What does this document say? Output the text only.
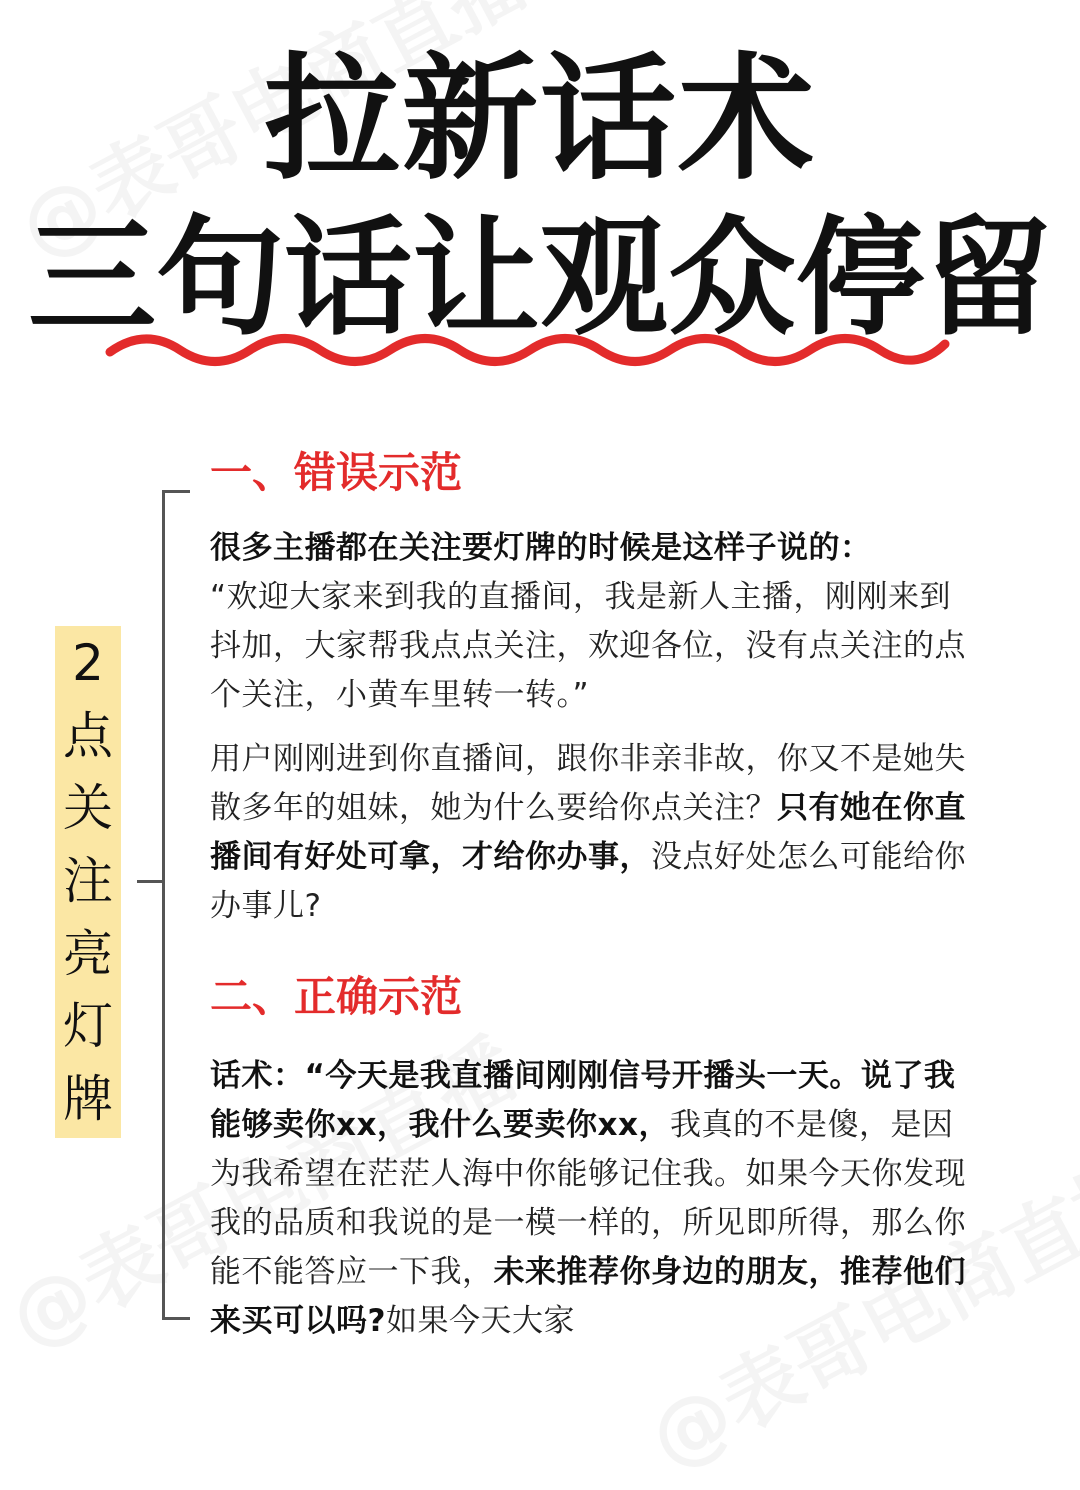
拉新话术
三句话让观众停留
2
点
关
注
亮
灯
牌
一、错误示范

很多主播都在关注要灯牌的时候是这样子说的：
“欢迎大家来到我的直播间，我是新人主播，刚刚来到抖加，大家帮我点点关注，欢迎各位，没有点关注的点个关注，小黄车里转一转。”

用户刚刚进到你直播间，跟你非亲非故，你又不是她失散多年的姐妹，她为什么要给你点关注？只有她在你直播间有好处可拿，才给你办事，没点好处怎么可能给你办事儿?

二、正确示范

话术：“今天是我直播间刚刚信号开播头一天。说了我能够卖你xx，我什么要卖你xx，我真的不是傻，是因为我希望在茫茫人海中你能够记住我。如果今天你发现我的品质和我说的是一模一样的，所见即所得，那么你能不能答应一下我，未来推荐你身边的朋友，推荐他们来买可以吗?如果今天大家
